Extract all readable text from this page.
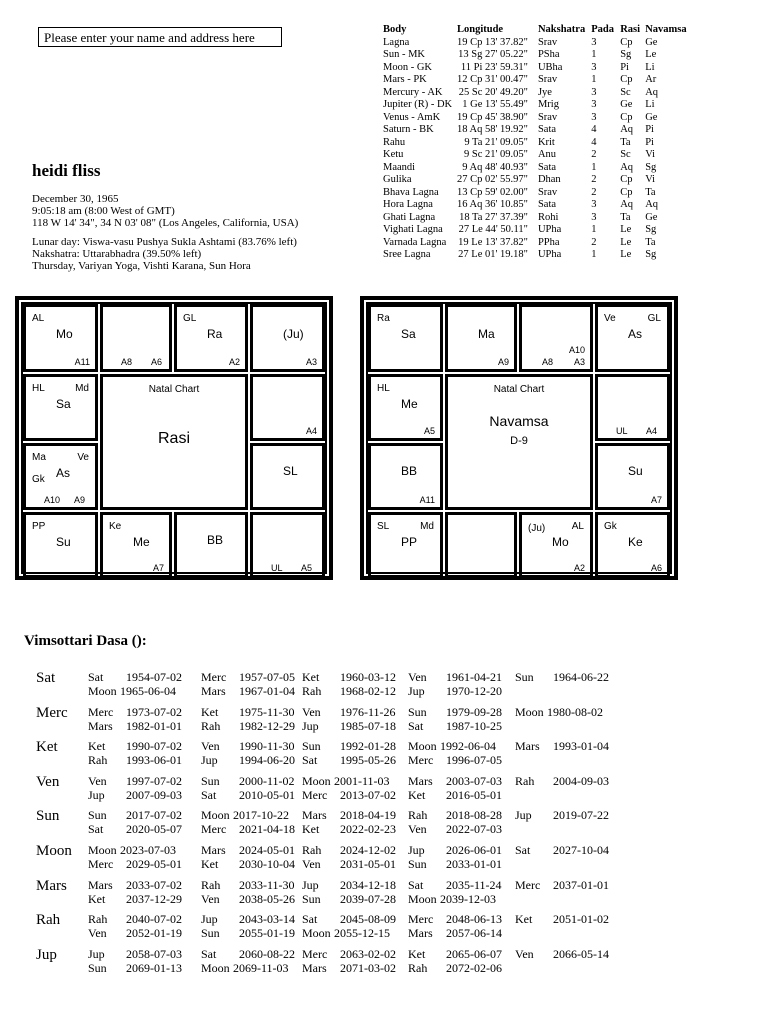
Please enter your name and address here
heidi fliss
December 30, 1965
9:05:18 am (8:00 West of GMT)
118 W 14' 34", 34 N 03' 08" (Los Angeles, California, USA)
Lunar day: Viswa-vasu Pushya Sukla Ashtami (83.76% left)
Nakshatra: Uttarabhadra (39.50% left)
Thursday, Variyan Yoga, Vishti Karana, Sun Hora
Body	Longitude	Nakshatra	Pada	Rasi	Navamsa
Lagna	19 Cp 13' 37.82"	Srav	3	Cp	Ge
Sun - MK	13 Sg 27' 05.22"	PSha	1	Sg	Le
Moon - GK	11 Pi 23' 59.31"	UBha	3	Pi	Li
Mars - PK	12 Cp 31' 00.47"	Srav	1	Cp	Ar
Mercury - AK	25 Sc 20' 49.20"	Jye	3	Sc	Aq
Jupiter (R) - DK	1 Ge 13' 55.49"	Mrig	3	Ge	Li
Venus - AmK	19 Cp 45' 38.90"	Srav	3	Cp	Ge
Saturn - BK	18 Aq 58' 19.92"	Sata	4	Aq	Pi
Rahu	9 Ta 21' 09.05"	Krit	4	Ta	Pi
Ketu	9 Sc 21' 09.05"	Anu	2	Sc	Vi
Maandi	9 Aq 48' 40.93"	Sata	1	Aq	Sg
Gulika	27 Cp 02' 55.97"	Dhan	2	Cp	Vi
Bhava Lagna	13 Cp 59' 02.00"	Srav	2	Cp	Ta
Hora Lagna	16 Aq 36' 10.85"	Sata	3	Aq	Aq
Ghati Lagna	18 Ta 27' 37.39"	Rohi	3	Ta	Ge
Vighati Lagna	27 Le 44' 50.11"	UPha	1	Le	Sg
Varnada Lagna	19 Le 13' 37.82"	PPha	2	Le	Ta
Sree Lagna	27 Le 01' 19.18"	UPha	1	Le	Sg
AL
Mo
A11	A8 A6
GL
Ra
A2
(Ju)
A3
HL
Sa
Md
A4
Ma
Gk As
Ve
A10 A9
SL
PP
Su
Ke
Me
A7
BB
UL A5
Natal Chart
Rasi
Ra
Sa	Ma
A9
A10
A8 A3
Ve
As
GL
HL
Me
A5	UL A4
BB
A11
Su
A7
SL
PP
Md	(Ju)
Mo
AL
A2
Gk
Ke
A6
Natal Chart
Navamsa
D-9
Vimsottari Dasa ():
Sat	Sat 1954-07-02 Merc 1957-07-05 Ket 1960-03-12 Ven 1961-04-21 Sun 1964-06-22
Moon 1965-06-04 Mars 1967-01-04 Rah 1968-02-12 Jup 1970-12-20
Merc Merc 1973-07-02 Ket 1975-11-30 Ven 1976-11-26 Sun 1979-09-28 Moon 1980-08-02
Mars 1982-01-01 Rah 1982-12-29 Jup 1985-07-18 Sat 1987-10-25
Ket	Ket 1990-07-02 Ven 1990-11-30 Sun 1992-01-28 Moon 1992-06-04 Mars 1993-01-04
Rah 1993-06-01 Jup 1994-06-20 Sat 1995-05-26 Merc 1996-07-05
Ven Ven 1997-07-02 Sun 2000-11-02 Moon 2001-11-03 Mars 2003-07-03 Rah 2004-09-03
Jup 2007-09-03 Sat 2010-05-01 Merc 2013-07-02 Ket 2016-05-01
Sun Sun 2017-07-02 Moon 2017-10-22 Mars 2018-04-19 Rah 2018-08-28 Jup 2019-07-22
Sat 2020-05-07 Merc 2021-04-18 Ket 2022-02-23 Ven 2022-07-03
Moon Moon 2023-07-03 Mars 2024-05-01 Rah 2024-12-02 Jup 2026-06-01 Sat 2027-10-04
Merc 2029-05-01 Ket 2030-10-04 Ven 2031-05-01 Sun 2033-01-01
Mars Mars 2033-07-02 Rah 2033-11-30 Jup 2034-12-18 Sat 2035-11-24 Merc 2037-01-01
Ket 2037-12-29 Ven 2038-05-26 Sun 2039-07-28 Moon 2039-12-03
Rah Rah 2040-07-02 Jup 2043-03-14 Sat 2045-08-09 Merc 2048-06-13 Ket 2051-01-02
Ven 2052-01-19 Sun 2055-01-19 Moon 2055-12-15 Mars 2057-06-14
Jup	Jup 2058-07-03 Sat 2060-08-22 Merc 2063-02-02 Ket 2065-06-07 Ven 2066-05-14
Sun 2069-01-13 Moon 2069-11-03 Mars 2071-03-02 Rah 2072-02-06
